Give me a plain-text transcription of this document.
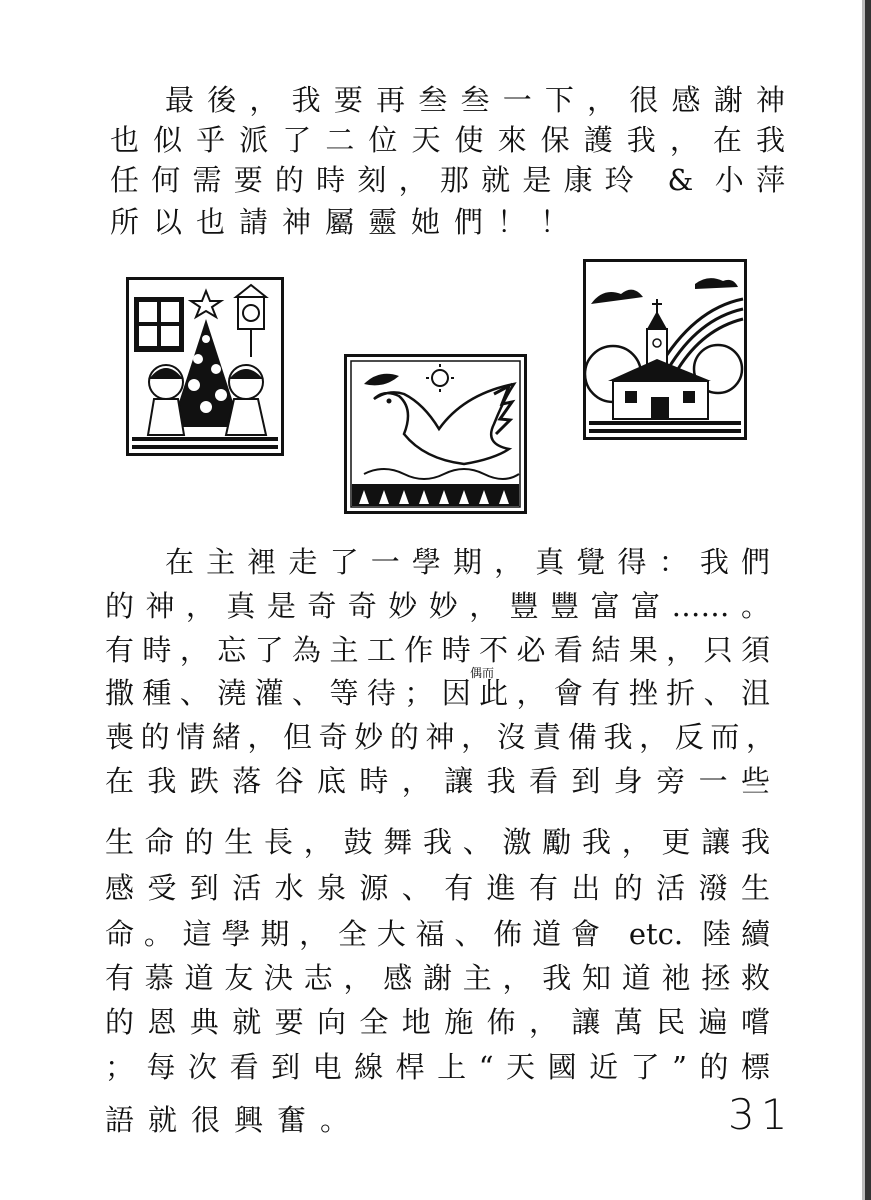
最後，我要再叁叁一下，很感謝神
也似乎派了二位天使來保護我，在我
任何需要的時刻，那就是康玲 & 小萍
所以也請神屬靈她們！！
在主裡走了一學期，真覺得：我們
的神，真是奇奇妙妙，豐豐富富……。
有時，忘了為主工作時不必看結果，只須
偶而
撒種、澆灌、等待；因此，會有挫折、沮
喪的情緒，但奇妙的神，沒責備我，反而，
在我跌落谷底時，讓我看到身旁一些
生命的生長，鼓舞我、激勵我，更讓我
感受到活水泉源、有進有出的活潑生
命。這學期，全大福、佈道會 etc. 陸續
有慕道友決志，感謝主，我知道祂拯救
的恩典就要向全地施佈，讓萬民遍嚐
；每次看到电線桿上“天國近了”的標
語就很興奮。	31
